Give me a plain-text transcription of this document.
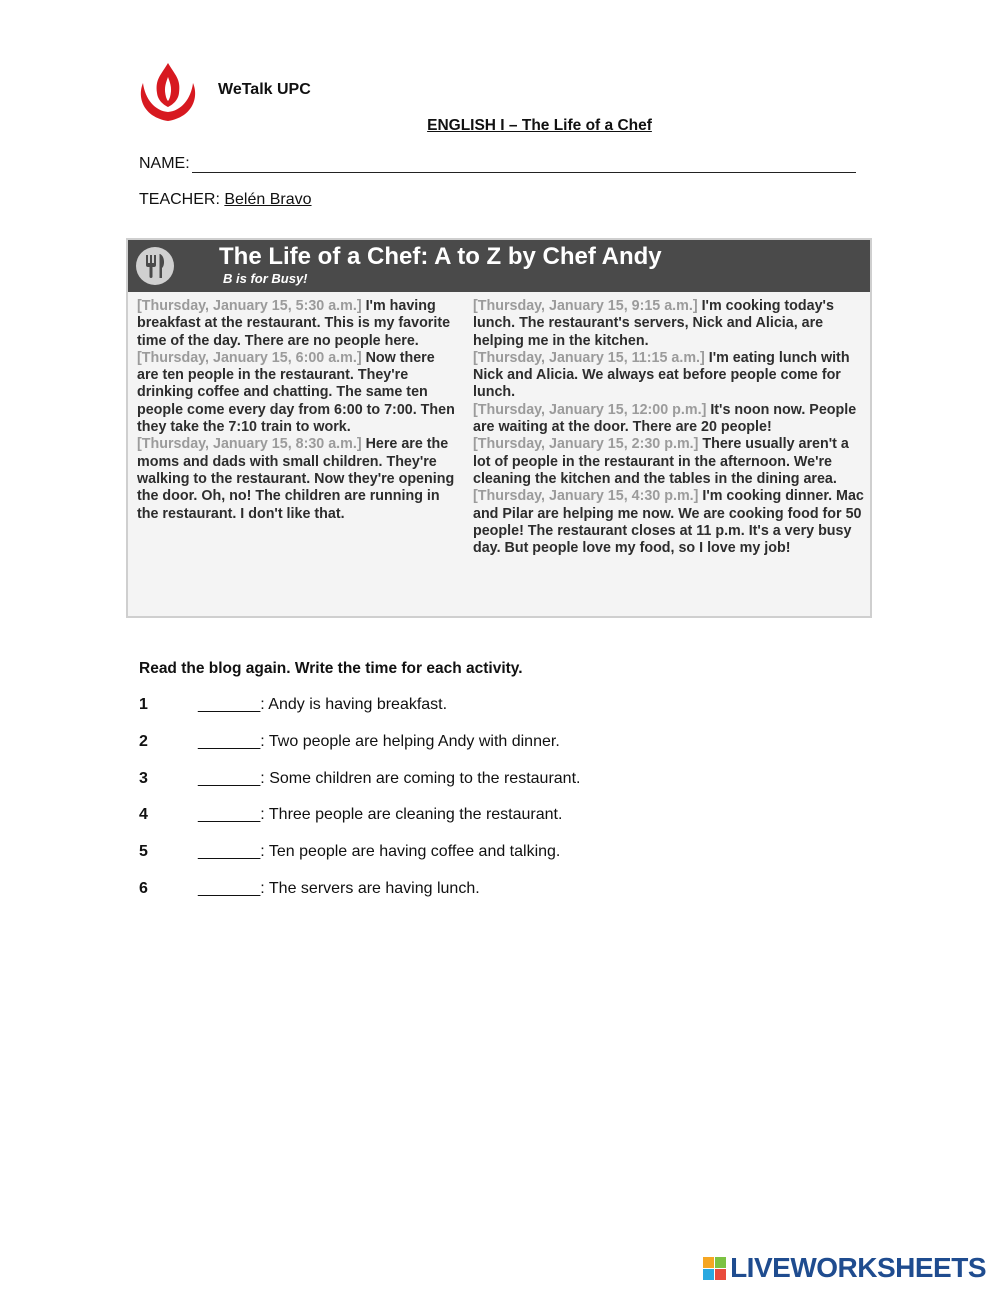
WeTalk UPC
ENGLISH I – The Life of a Chef
NAME:
TEACHER: Belén Bravo
The Life of a Chef: A to Z by Chef Andy
B is for Busy!
[Thursday, January 15, 5:30 a.m.] I'm having breakfast at the restaurant. This is my favorite time of the day. There are no people here.
[Thursday, January 15, 6:00 a.m.] Now there are ten people in the restaurant. They're drinking coffee and chatting. The same ten people come every day from 6:00 to 7:00. Then they take the 7:10 train to work.
[Thursday, January 15, 8:30 a.m.] Here are the moms and dads with small children. They're walking to the restaurant. Now they're opening the door. Oh, no! The children are running in the restaurant. I don't like that.
[Thursday, January 15, 9:15 a.m.] I'm cooking today's lunch. The restaurant's servers, Nick and Alicia, are helping me in the kitchen.
[Thursday, January 15, 11:15 a.m.] I'm eating lunch with Nick and Alicia. We always eat before people come for lunch.
[Thursday, January 15, 12:00 p.m.] It's noon now. People are waiting at the door. There are 20 people!
[Thursday, January 15, 2:30 p.m.] There usually aren't a lot of people in the restaurant in the afternoon. We're cleaning the kitchen and the tables in the dining area.
[Thursday, January 15, 4:30 p.m.] I'm cooking dinner. Mac and Pilar are helping me now. We are cooking food for 50 people! The restaurant closes at 11 p.m. It's a very busy day. But people love my food, so I love my job!
Read the blog again. Write the time for each activity.
1	_______ : Andy is having breakfast.
2	_______ : Two people are helping Andy with dinner.
3	_______ : Some children are coming to the restaurant.
4	_______ : Three people are cleaning the restaurant.
5	_______ : Ten people are having coffee and talking.
6	_______ : The servers are having lunch.
LIVEWORKSHEETS
